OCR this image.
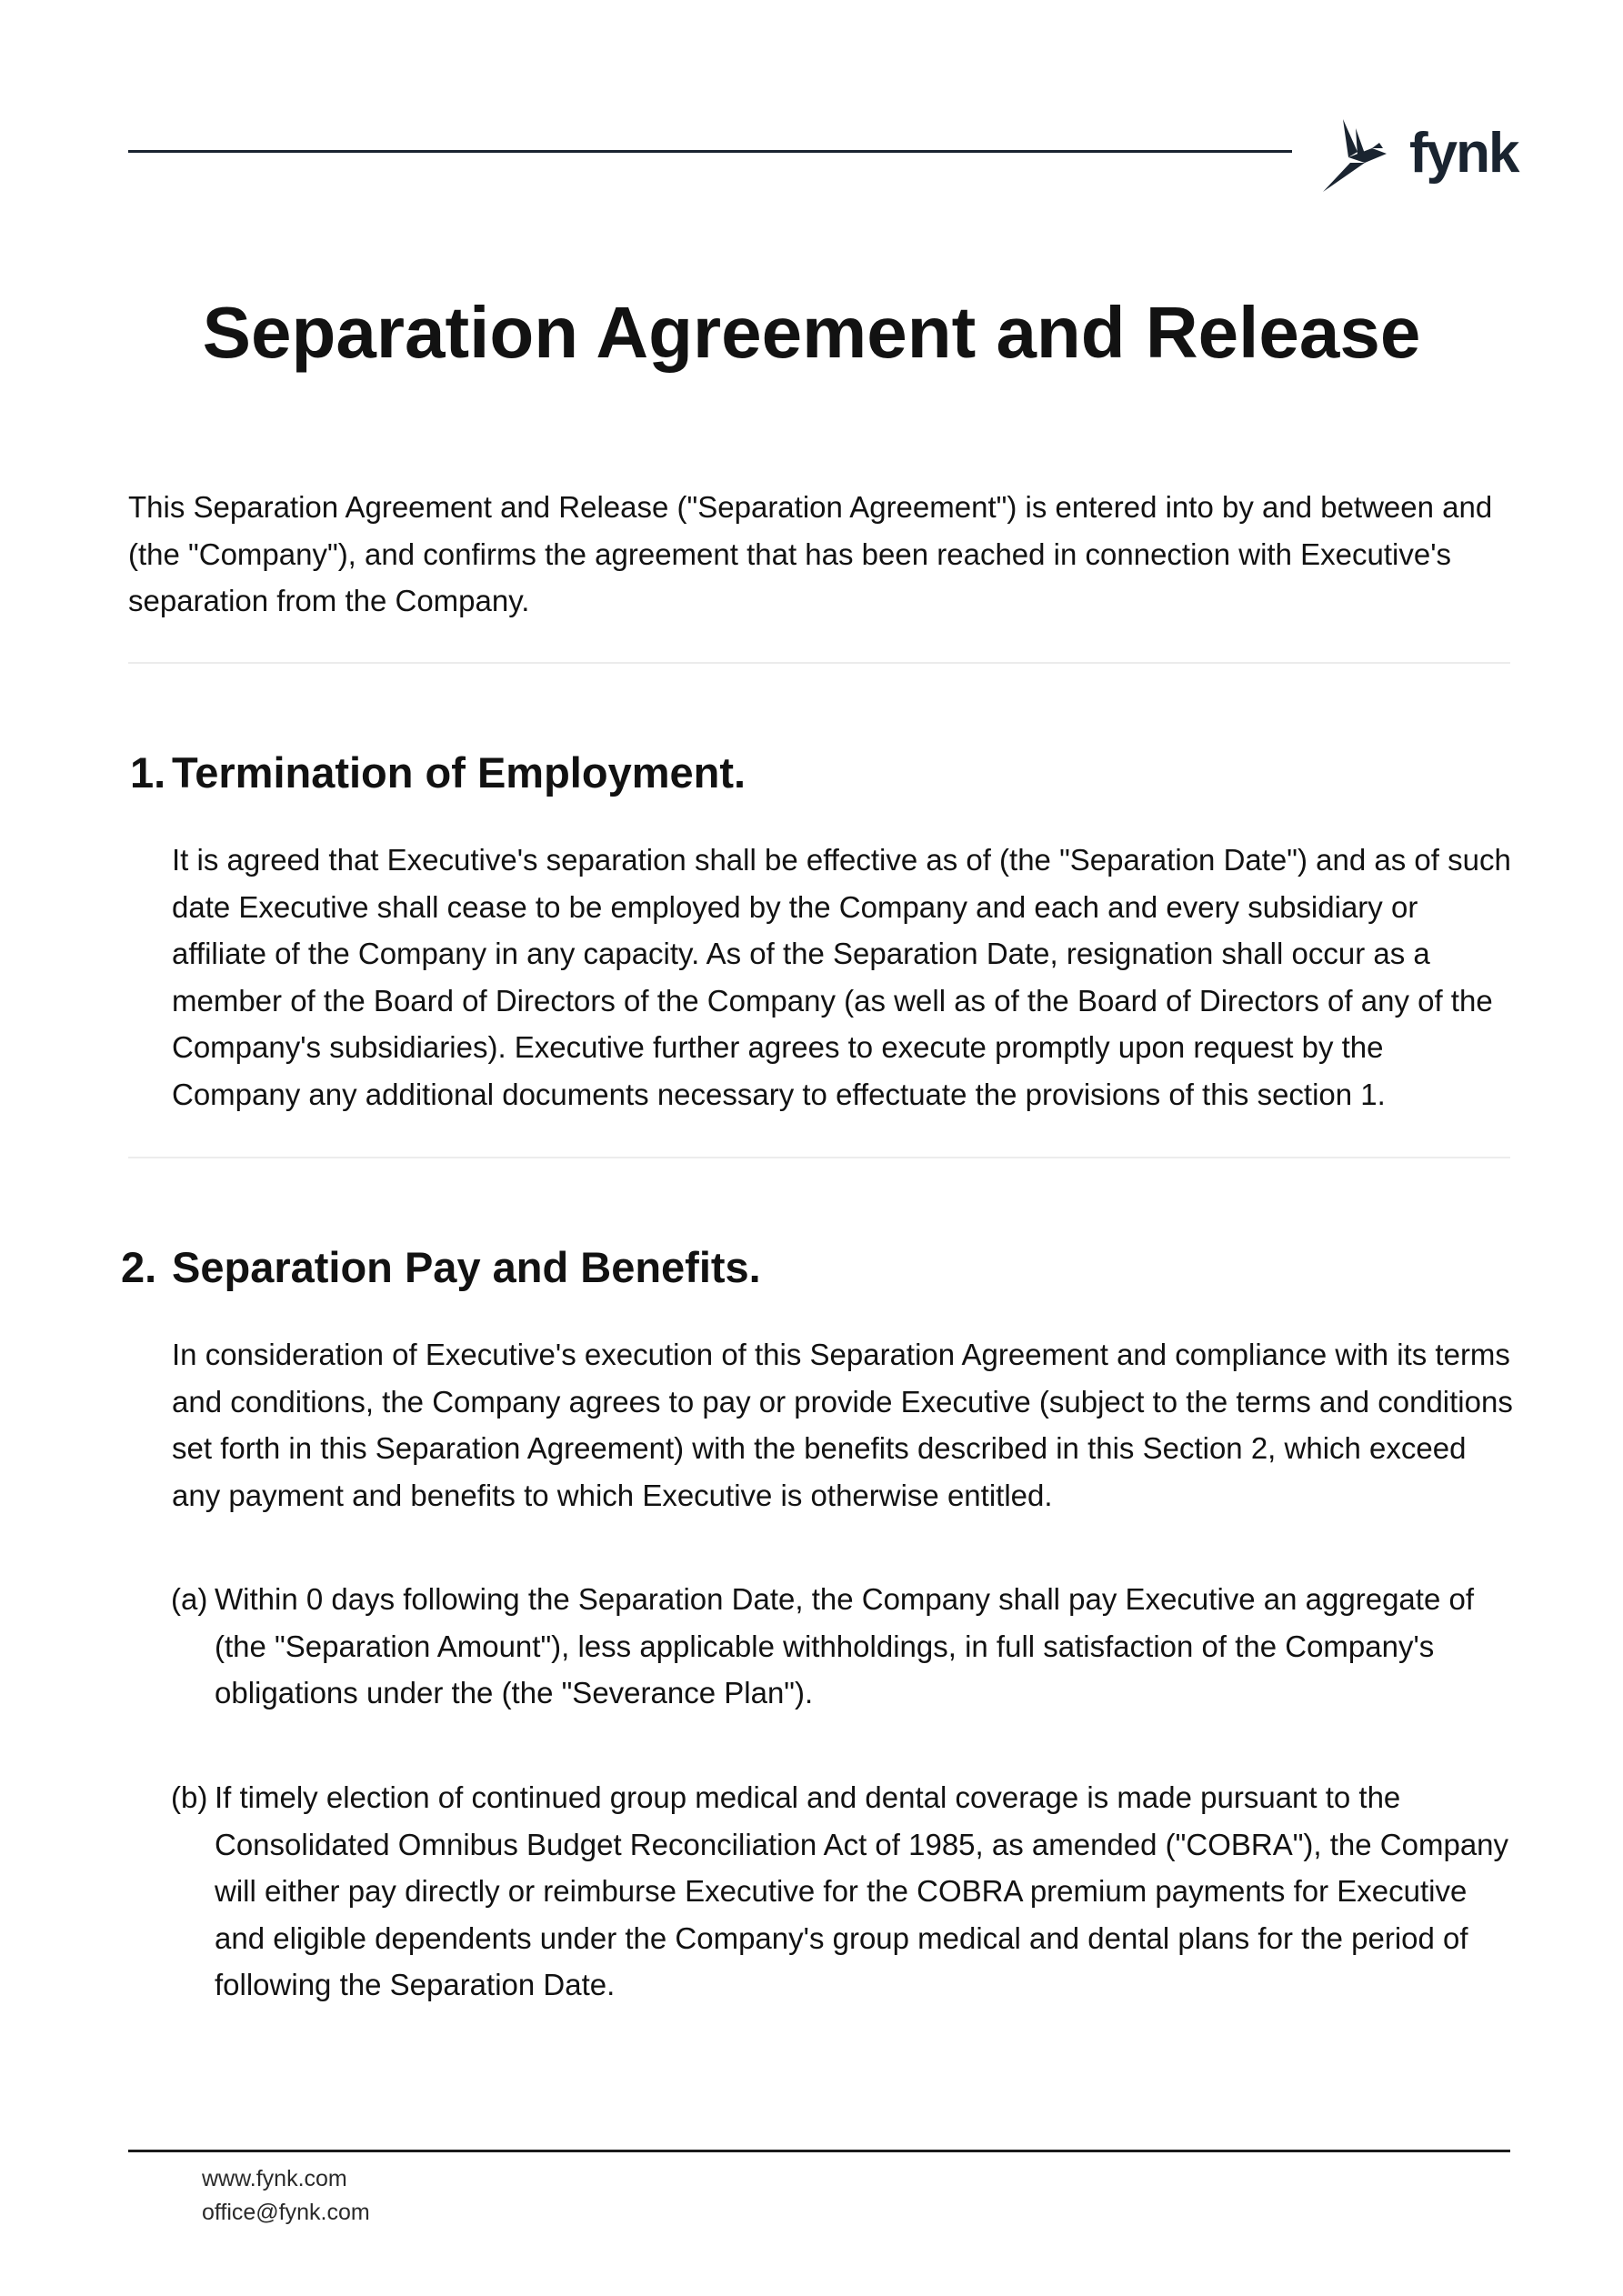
fynk
Separation Agreement and Release

This Separation Agreement and Release ("Separation Agreement") is entered into by and between and (the "Company"), and confirms the agreement that has been reached in connection with Executive's separation from the Company.

1. Termination of Employment.

It is agreed that Executive's separation shall be effective as of (the "Separation Date") and as of such date Executive shall cease to be employed by the Company and each and every subsidiary or affiliate of the Company in any capacity. As of the Separation Date, resignation shall occur as a member of the Board of Directors of the Company (as well as of the Board of Directors of any of the Company's subsidiaries). Executive further agrees to execute promptly upon request by the Company any additional documents necessary to effectuate the provisions of this section 1.

2. Separation Pay and Benefits.

In consideration of Executive's execution of this Separation Agreement and compliance with its terms and conditions, the Company agrees to pay or provide Executive (subject to the terms and conditions set forth in this Separation Agreement) with the benefits described in this Section 2, which exceed any payment and benefits to which Executive is otherwise entitled.

(a) Within 0 days following the Separation Date, the Company shall pay Executive an aggregate of (the "Separation Amount"), less applicable withholdings, in full satisfaction of the Company's obligations under the (the "Severance Plan").

(b) If timely election of continued group medical and dental coverage is made pursuant to the Consolidated Omnibus Budget Reconciliation Act of 1985, as amended ("COBRA"), the Company will either pay directly or reimburse Executive for the COBRA premium payments for Executive and eligible dependents under the Company's group medical and dental plans for the period of following the Separation Date.

www.fynk.com
office@fynk.com
